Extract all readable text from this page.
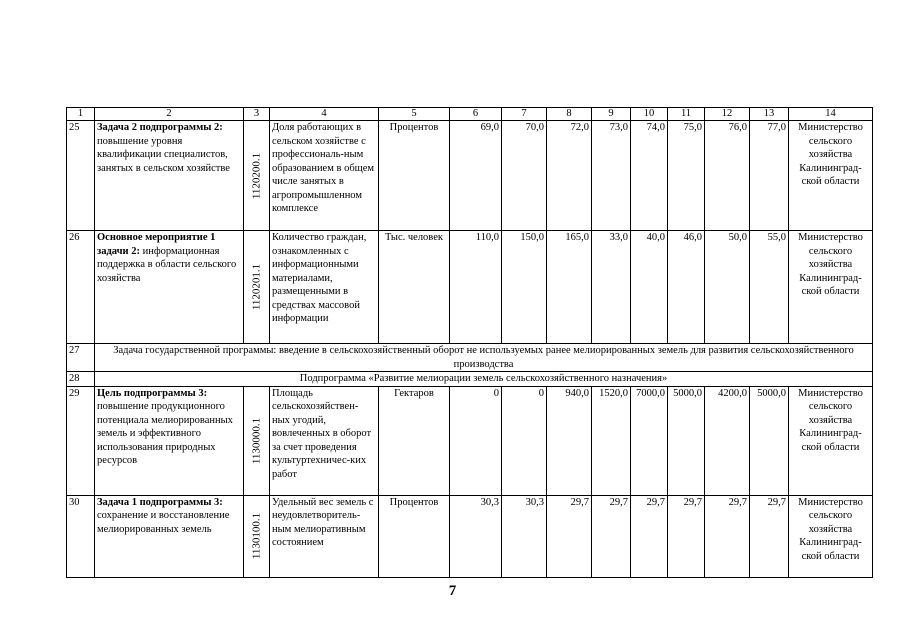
1	2	3	4	5	6	7	8	9	10	11	12	13	14
25	Задача 2 подпрограммы 2: повышение уровня квалификации специалистов, занятых в сельском хозяйстве	1120200.1	Доля работающих в сельском хозяйстве с профессиональ-ным образованием в общем числе занятых в агропромышленном комплексе	Процентов	69,0	70,0	72,0	73,0	74,0	75,0	76,0	77,0	Министерство сельского хозяйства Калининград-ской области
26	Основное мероприятие 1 задачи 2: информационная поддержка в области сельского хозяйства	1120201.1	Количество граждан, ознакомленных с информационными материалами, размещенными в средствах массовой информации	Тыс. человек	110,0	150,0	165,0	33,0	40,0	46,0	50,0	55,0	Министерство сельского хозяйства Калининград-ской области
27	Задача государственной программы: введение в сельскохозяйственный оборот не используемых ранее мелиорированных земель для развития сельскохозяйственного производства												
28	Подпрограмма «Развитие мелиорации земель сельскохозяйственного назначения»												
29	Цель подпрограммы 3: повышение продукционного потенциала мелиорированных земель и эффективного использования природных ресурсов	1130000.1	Площадь сельскохозяйствен-ных угодий, вовлеченных в оборот за счет проведения культуртехничес-ких работ	Гектаров	0	0	940,0	1520,0	7000,0	5000,0	4200,0	5000,0	Министерство сельского хозяйства Калининград-ской области
30	Задача 1 подпрограммы 3: сохранение и восстановление мелиорированных земель	1130100.1	Удельный вес земель с неудовлетворитель-ным мелиоративным состоянием	Процентов	30,3	30,3	29,7	29,7	29,7	29,7	29,7	29,7	Министерство сельского хозяйства Калининград-ской области
7
